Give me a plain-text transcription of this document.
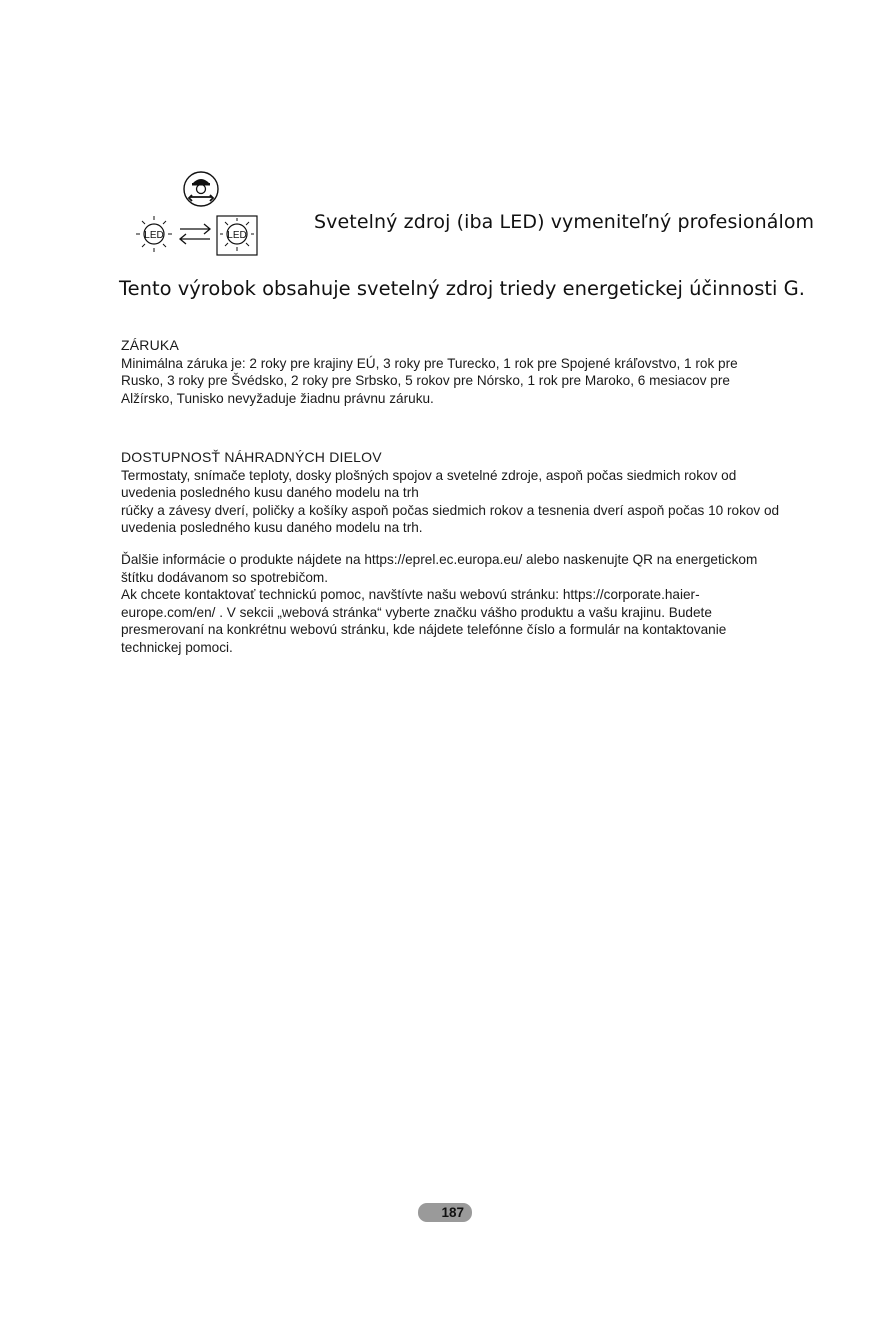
LED	LED
Svetelný zdroj (iba LED) vymeniteľný profesionálom
Tento výrobok obsahuje svetelný zdroj triedy energetickej účinnosti G.

ZÁRUKA

Minimálna záruka je: 2 roky pre krajiny EÚ, 3 roky pre Turecko, 1 rok pre Spojené kráľovstvo, 1 rok pre Rusko, 3 roky pre Švédsko, 2 roky pre Srbsko, 5 rokov pre Nórsko, 1 rok pre Maroko, 6 mesiacov pre Alžírsko, Tunisko nevyžaduje žiadnu právnu záruku.

DOSTUPNOSŤ NÁHRADNÝCH DIELOV

Termostaty, snímače teploty, dosky plošných spojov a svetelné zdroje, aspoň počas siedmich rokov od uvedenia posledného kusu daného modelu na trh

rúčky a závesy dverí, poličky a košíky aspoň počas siedmich rokov a tesnenia dverí aspoň počas 10 rokov od uvedenia posledného kusu daného modelu na trh.

Ďalšie informácie o produkte nájdete na https://eprel.ec.europa.eu/ alebo naskenujte QR na energetickom štítku dodávanom so spotrebičom.

Ak chcete kontaktovať technickú pomoc, navštívte našu webovú stránku: https://corporate.haier-europe.com/en/ . V sekcii „webová stránka“ vyberte značku vášho produktu a vašu krajinu. Budete presmerovaní na konkrétnu webovú stránku, kde nájdete telefónne číslo a formulár na kontaktovanie technickej pomoci.

187
